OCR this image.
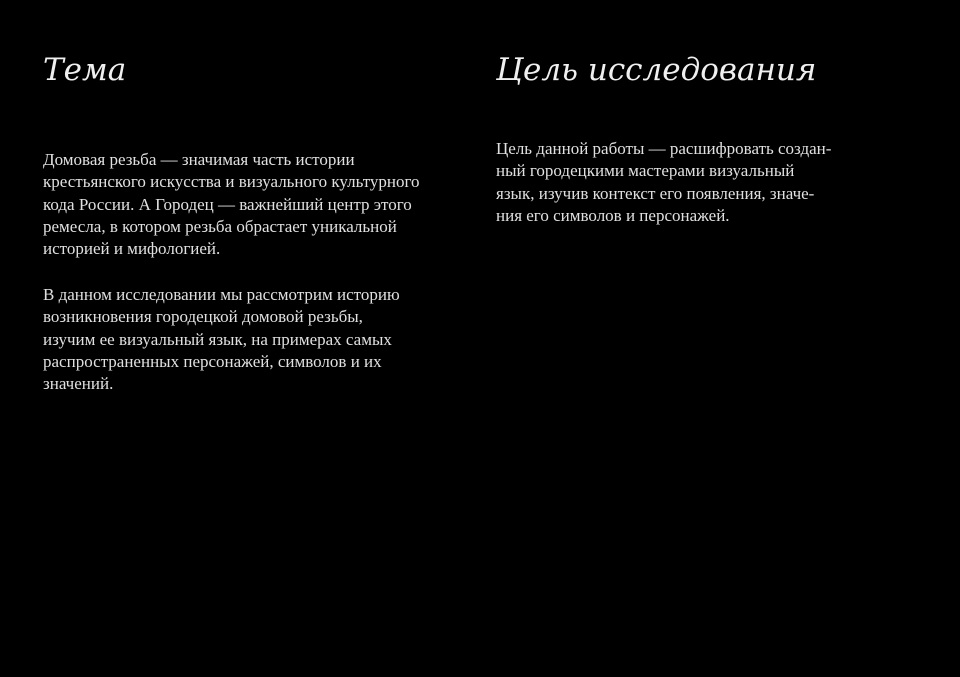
Тема

Домовая резьба — значимая часть истории
крестьянского искусства и визуального культурного
кода России. А Городец — важнейший центр этого
ремесла, в котором резьба обрастает уникальной
историей и мифологией.

В данном исследовании мы рассмотрим историю
возникновения городецкой домовой резьбы,
изучим ее визуальный язык, на примерах самых
распространенных персонажей, символов и их
значений.

Цель исследования

Цель данной работы — расшифровать создан-
ный городецкими мастерами визуальный
язык, изучив контекст его появления, значе-
ния его символов и персонажей.
